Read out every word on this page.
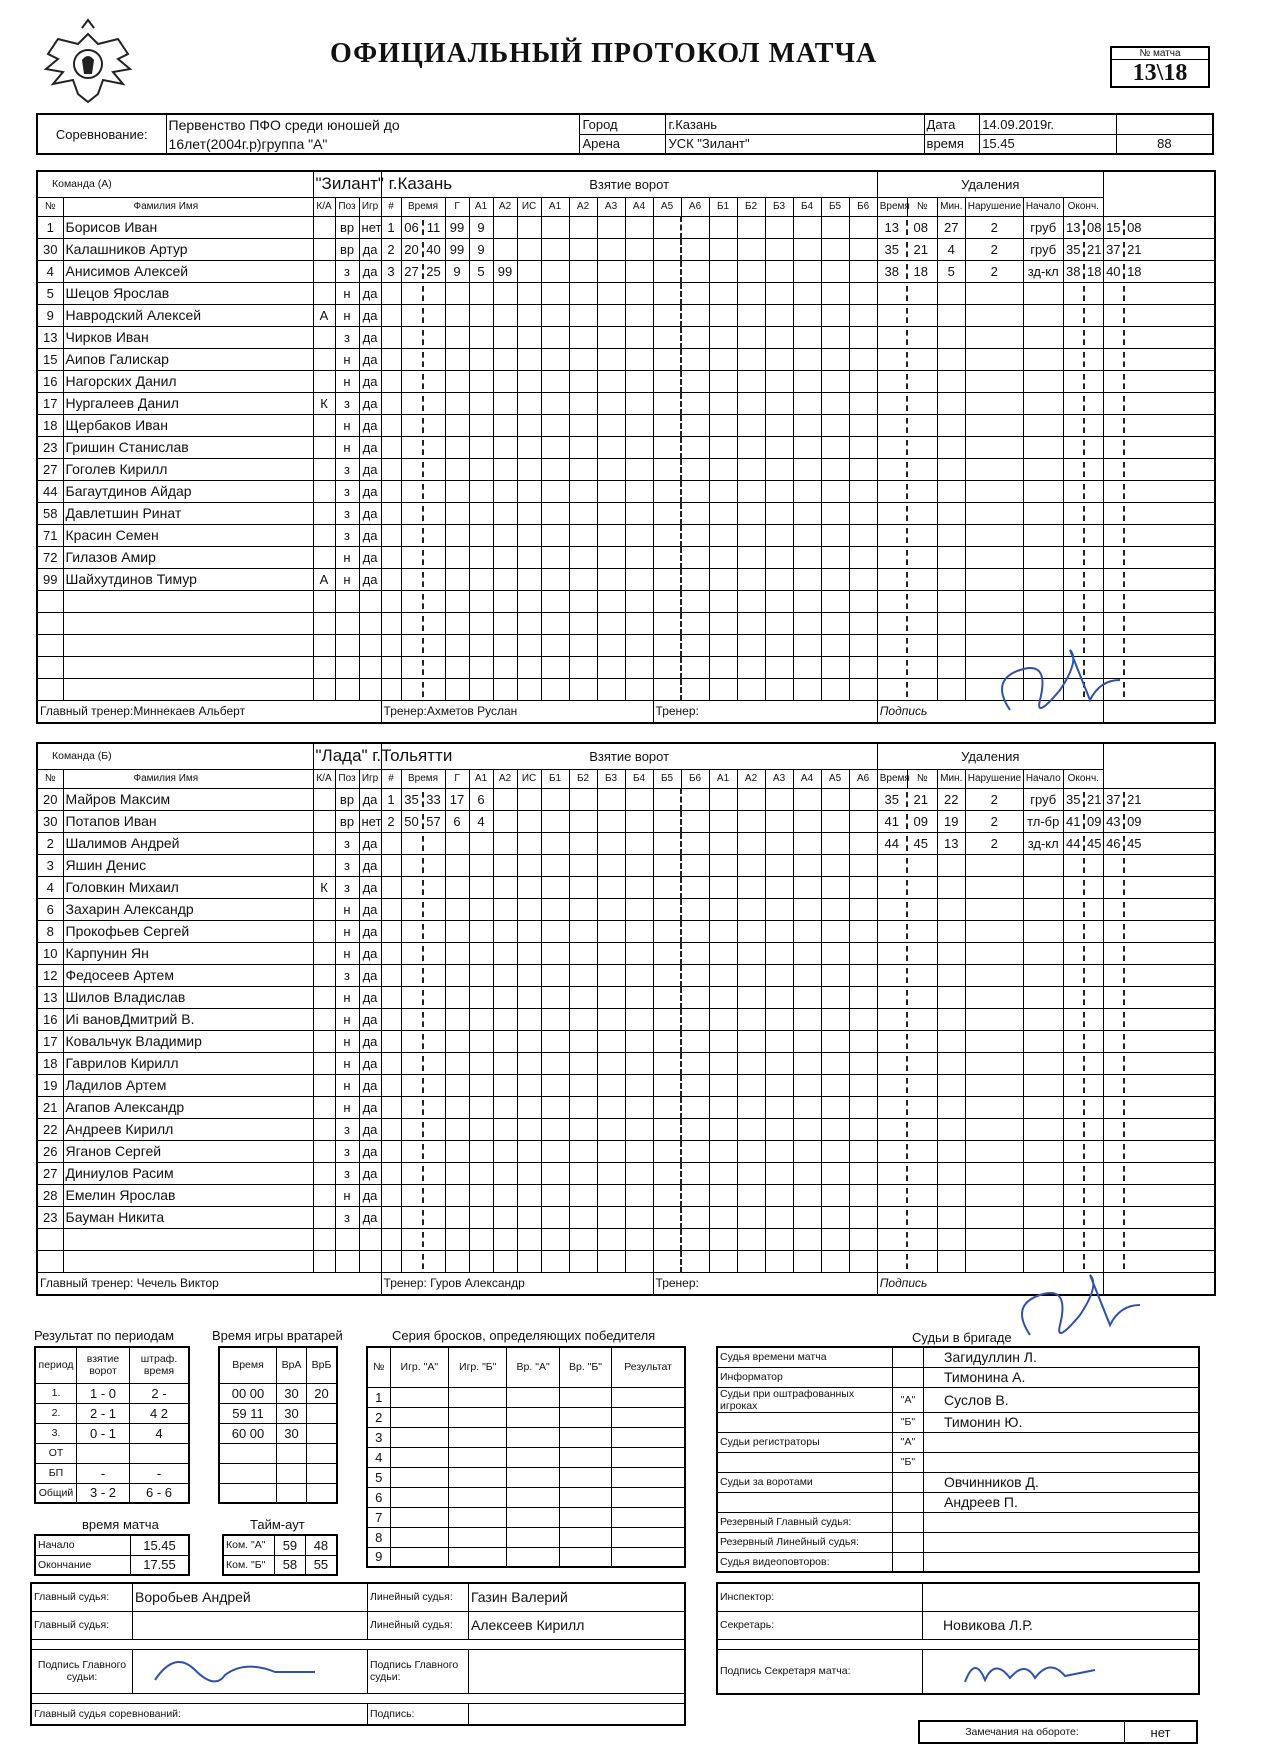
ОФИЦИАЛЬНЫЙ ПРОТОКОЛ МАТЧА	№ матча
13\18
Соревнование:	Первенство ПФО среди юношей до	Город	г.Казань	Дата	14.09.2019г.	
	16лет(2004г.р)группа "А"	Арена	УСК "Зилант"	время	15.45	88
Команда (А)		"Зилант" г.Казань			Взятие ворот																		Удаления						
№	Фамилия Имя	К/А	Поз	Игр	#	Время	Г	А1	А2	ИС	А1	А2	А3	А4	А5	А6	Б1	Б2	Б3	Б4	Б5	Б6	Время	№	Мин.	Нарушение	Начало	Оконч.	
1	Борисов Иван		вр	нет	1	06 11	99	9															13 08		27	2	груб	13 08	15 08
30	Калашников Артур		вр	да	2	20 40	99	9															35 21		4	2	груб	35 21	37 21
4	Анисимов Алексей		з	да	3	27 25	9	5	99														38 18		5	2	зд-кл	38 18	40 18
5	Шецов Ярослав		н	да																									
9	Навродский Алексей	А	н	да																									
13	Чирков Иван		з	да																									
15	Аипов Галискар		н	да																									
16	Нагорских Данил		н	да																									
17	Нургалеев Данил	К	з	да																									
18	Щербаков Иван		н	да																									
23	Гришин Станислав		н	да																									
27	Гоголев Кирилл		з	да																									
44	Багаутдинов Айдар		з	да																									
58	Давлетшин Ринат		з	да																									
71	Красин Семен		з	да																									
72	Гилазов Амир		н	да																									
99	Шайхутдинов Тимур	А	н	да																									

Главный тренер:Миннекаев Альберт					Тренер:Ахметов Руслан										Тренер:								Подпись						
Команда (Б)		"Лада" г.Тольятти			Взятие ворот																		Удаления						
№	Фамилия Имя	К/А	Поз	Игр	#	Время	Г	А1	А2	ИС	Б1	Б2	Б3	Б4	Б5	Б6	А1	А2	А3	А4	А5	А6	Время	№	Мин.	Нарушение	Начало	Оконч.	
20	Майров Максим		вр	да	1	35 33	17	6															35 21		22	2	груб	35 21	37 21
30	Потапов Иван		вр	нет	2	50 57	6	4															41 09		19	2	тл-бр	41 09	43 09
2	Шалимов Андрей		з	да																			44 45		13	2	зд-кл	44 45	46 45
3	Яшин Денис		з	да																									
4	Головкин Михаил	К	з	да																									
6	Захарин Александр		н	да																									
8	Прокофьев Сергей		н	да																									
10	Карпунин Ян		н	да																									
12	Федосеев Артем		з	да																									
13	Шилов Владислав		н	да																									
16	Иі вановДмитрий В.		н	да																									
17	Ковальчук Владимир		н	да																									
18	Гаврилов Кирилл		н	да																									
19	Ладилов Артем		н	да																									
21	Агапов Александр		н	да																									
22	Андреев Кирилл		з	да																									
26	Яганов Сергей		з	да																									
27	Диниулов Расим		з	да																									
28	Емелин Ярослав		н	да																									
23	Бауман Никита		з	да																									

Главный тренер: Чечель Виктор					Тренер: Гуров Александр										Тренер:								Подпись						
Результат по периодам
период	взятие ворот	штраф. время
1.	1 - 0	2 -
2.	2 - 1	4 2
3.	0 - 1	4
ОТ		
БП	-	-
Общий	3 - 2	6 - 6
Время игры вратарей
Время	ВрА	ВрБ
00 00	30	20
59 11	30	
60 00	30	

время матча
Начало	15.45
Окончание	17.55
Тайм-аут
Ком. "А"	59	48
Ком. "Б"	58	55
Серия бросков, определяющих победителя
№	Игр. "А"	Игр. "Б"	Вр. "А"	Вр. "Б"	Результат
1					
2					
3					
4					
5					
6					
7					
8					
9					
Судьи в бригаде
Судья времени матча		Загидуллин Л.
Информатор		Тимонина А.
Судьи при оштрафованных игроках	"А"	Суслов В.
	"Б"	Тимонин Ю.
Судьи регистраторы	"А"	
	"Б"	
Судьи за воротами		Овчинников Д.
		Андреев П.
Резервный Главный судья:		
Резервный Линейный судья:		
Судья видеоповторов:		
Главный судья:	Воробьев Андрей	Линейный судья:	Газин Валерий
Главный судья:		Линейный судья:	Алексеев Кирилл

Подпись Главного судьи:		Подпись Главного судьи:	

Главный судья соревнований:		Подпись:	
Инспектор:	
Секретарь:	Новикова Л.Р.

Подпись Секретаря матча:	
Замечания на обороте:	нет
